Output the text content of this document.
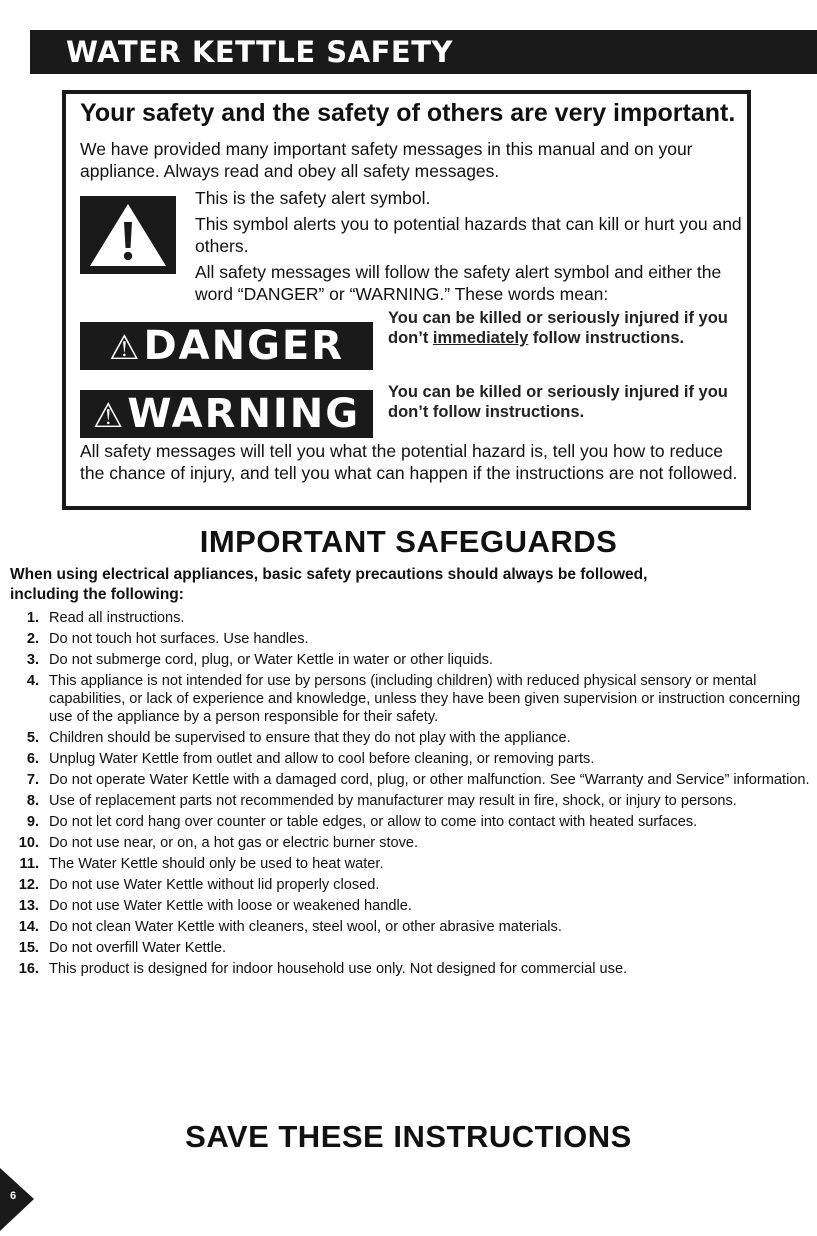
WATER KETTLE SAFETY
Your safety and the safety of others are very important.
We have provided many important safety messages in this manual and on your appliance. Always read and obey all safety messages.

This is the safety alert symbol.

This symbol alerts you to potential hazards that can kill or hurt you and others.

All safety messages will follow the safety alert symbol and either the word “DANGER” or “WARNING.” These words mean:

⚠DANGER
You can be killed or seriously injured if you don’t immediately follow instructions.
⚠WARNING	You can be killed or seriously injured if you don’t follow instructions.
All safety messages will tell you what the potential hazard is, tell you how to reduce the chance of injury, and tell you what can happen if the instructions are not followed.
IMPORTANT SAFEGUARDS
When using electrical appliances, basic safety precautions should always be followed, including the following:
1. Read all instructions.
2. Do not touch hot surfaces. Use handles.
3. Do not submerge cord, plug, or Water Kettle in water or other liquids.
4. This appliance is not intended for use by persons (including children) with reduced physical sensory or mental capabilities, or lack of experience and knowledge, unless they have been given supervision or instruction concerning use of the appliance by a person responsible for their safety.
5. Children should be supervised to ensure that they do not play with the appliance.
6. Unplug Water Kettle from outlet and allow to cool before cleaning, or removing parts.
7. Do not operate Water Kettle with a damaged cord, plug, or other malfunction. See “Warranty and Service” information.
8. Use of replacement parts not recommended by manufacturer may result in fire, shock, or injury to persons.
9. Do not let cord hang over counter or table edges, or allow to come into contact with heated surfaces.
10. Do not use near, or on, a hot gas or electric burner stove.
11. The Water Kettle should only be used to heat water.
12. Do not use Water Kettle without lid properly closed.
13. Do not use Water Kettle with loose or weakened handle.
14. Do not clean Water Kettle with cleaners, steel wool, or other abrasive materials.
15. Do not overfill Water Kettle.
16. This product is designed for indoor household use only. Not designed for commercial use.
SAVE THESE INSTRUCTIONS
6
